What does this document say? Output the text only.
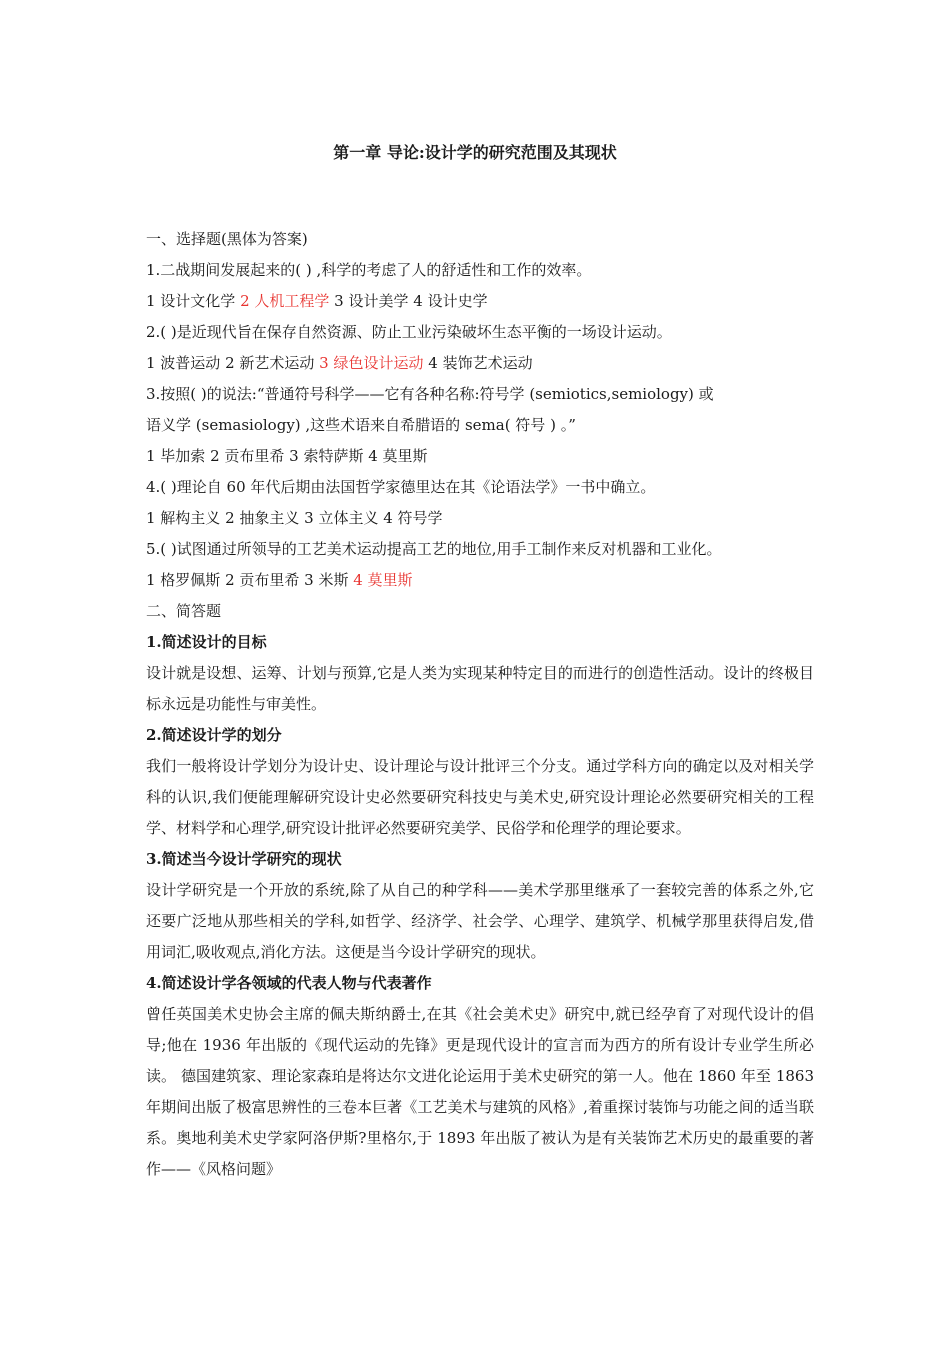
第一章 导论:设计学的研究范围及其现状

一、选择题(黑体为答案)

1.二战期间发展起来的( ) ,科学的考虑了人的舒适性和工作的效率。

1 设计文化学 2 人机工程学 3 设计美学 4 设计史学

2.( )是近现代旨在保存自然资源、防止工业污染破坏生态平衡的一场设计运动。

1 波普运动 2 新艺术运动 3 绿色设计运动 4 装饰艺术运动

3.按照( )的说法:“普通符号科学——它有各种名称:符号学 (semiotics,semiology) 或

语义学 (semasiology) ,这些术语来自希腊语的 sema( 符号 ) 。”

1 毕加索 2 贡布里希 3 索特萨斯 4 莫里斯

4.( )理论自 60 年代后期由法国哲学家德里达在其《论语法学》一书中确立。

1 解构主义 2 抽象主义 3 立体主义 4 符号学

5.( )试图通过所领导的工艺美术运动提高工艺的地位,用手工制作来反对机器和工业化。

1 格罗佩斯 2 贡布里希 3 米斯 4 莫里斯

二、简答题

1.简述设计的目标

设计就是设想、运筹、计划与预算,它是人类为实现某种特定目的而进行的创造性活动。设计的终极目标永远是功能性与审美性。

2.简述设计学的划分

我们一般将设计学划分为设计史、设计理论与设计批评三个分支。通过学科方向的确定以及对相关学科的认识,我们便能理解研究设计史必然要研究科技史与美术史,研究设计理论必然要研究相关的工程学、材料学和心理学,研究设计批评必然要研究美学、民俗学和伦理学的理论要求。

3.简述当今设计学研究的现状

设计学研究是一个开放的系统,除了从自己的种学科——美术学那里继承了一套较完善的体系之外,它还要广泛地从那些相关的学科,如哲学、经济学、社会学、心理学、建筑学、机械学那里获得启发,借用词汇,吸收观点,消化方法。这便是当今设计学研究的现状。

4.简述设计学各领域的代表人物与代表著作

曾任英国美术史协会主席的佩夫斯纳爵士,在其《社会美术史》研究中,就已经孕育了对现代设计的倡导;他在 1936 年出版的《现代运动的先锋》更是现代设计的宣言而为西方的所有设计专业学生所必读。 德国建筑家、理论家森珀是将达尔文进化论运用于美术史研究的第一人。他在 1860 年至 1863 年期间出版了极富思辨性的三卷本巨著《工艺美术与建筑的风格》,着重探讨装饰与功能之间的适当联系。奥地利美术史学家阿洛伊斯?里格尔,于 1893 年出版了被认为是有关装饰艺术历史的最重要的著作——《风格问题》
